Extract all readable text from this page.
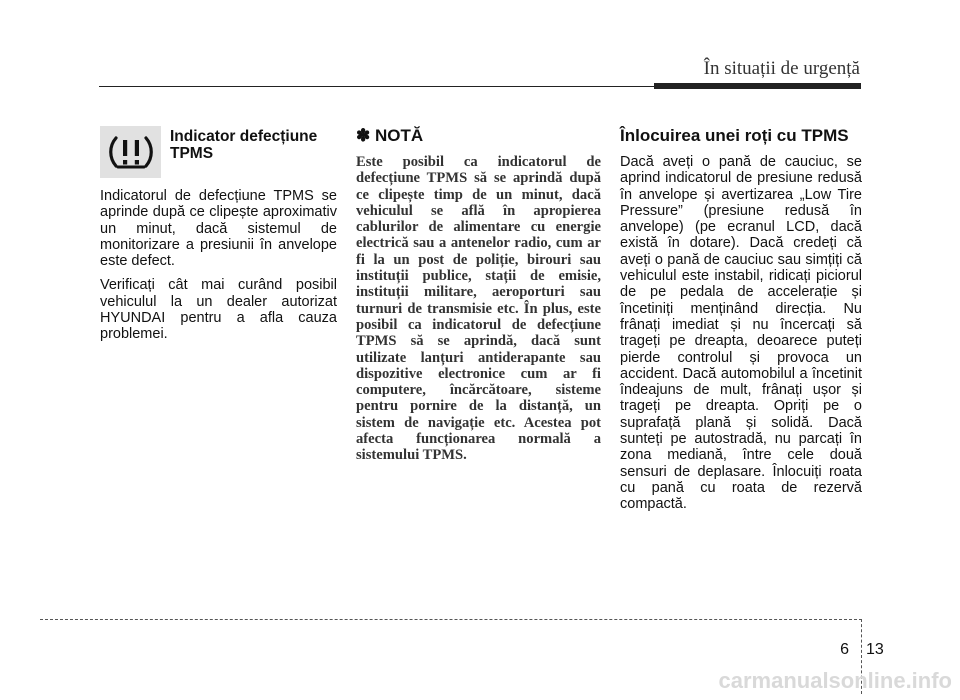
În situații de urgență
Indicator defecțiune TPMS

Indicatorul de defecțiune TPMS se aprinde după ce clipește aproximativ un minut, dacă sistemul de monitorizare a presiunii în anvelope este defect.

Verificați cât mai curând posibil vehiculul la un dealer autorizat HYUNDAI pentru a afla cauza problemei.

✽ NOTĂ

Este posibil ca indicatorul de defecțiune TPMS să se aprindă după ce clipește timp de un minut, dacă vehiculul se află în apropierea cablurilor de alimentare cu energie electrică sau a antenelor radio, cum ar fi la un post de poliție, birouri sau instituții publice, stații de emisie, instituții militare, aeroporturi sau turnuri de transmisie etc. În plus, este posibil ca indicatorul de defecțiune TPMS să se aprindă, dacă sunt utilizate lanțuri antiderapante sau dispozitive electronice cum ar fi computere, încărcătoare, sisteme pentru pornire de la distanță, un sistem de navigație etc. Acestea pot afecta funcționarea normală a sistemului TPMS.

Înlocuirea unei roți cu TPMS

Dacă aveți o pană de cauciuc, se aprind indicatorul de presiune redusă în anvelope și avertizarea „Low Tire Pressure” (presiune redusă în anvelope) (pe ecranul LCD, dacă există în dotare). Dacă credeți că aveți o pană de cauciuc sau simțiți că vehiculul este instabil, ridicați piciorul de pe pedala de accelerație și încetiniți menținând direcția. Nu frânați imediat și nu încercați să trageți pe dreapta, deoarece puteți pierde controlul și provoca un accident. Dacă automobilul a încetinit îndeajuns de mult, frânați ușor și trageți pe dreapta. Opriți pe o suprafață plană și solidă. Dacă sunteți pe autostradă, nu parcați în zona mediană, între cele două sensuri de deplasare. Înlocuiți roata cu pană cu roata de rezervă compactă.

6 13
carmanualsonline.info
